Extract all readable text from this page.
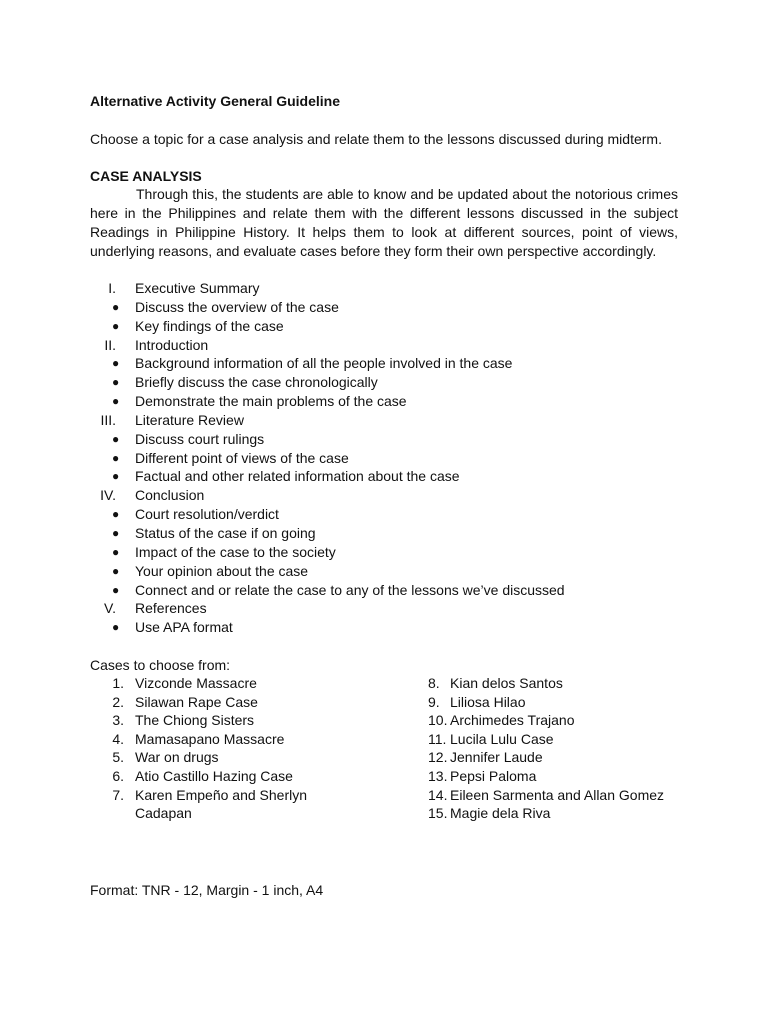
Alternative Activity General Guideline
Choose a topic for a case analysis and relate them to the lessons discussed during midterm.
CASE ANALYSIS
Through this, the students are able to know and be updated about the notorious crimes here in the Philippines and relate them with the different lessons discussed in the subject Readings in Philippine History. It helps them to look at different sources, point of views, underlying reasons, and evaluate cases before they form their own perspective accordingly.
I. Executive Summary
● Discuss the overview of the case
● Key findings of the case
II. Introduction
● Background information of all the people involved in the case
● Briefly discuss the case chronologically
● Demonstrate the main problems of the case
III. Literature Review
● Discuss court rulings
● Different point of views of the case
● Factual and other related information about the case
IV. Conclusion
● Court resolution/verdict
● Status of the case if on going
● Impact of the case to the society
● Your opinion about the case
● Connect and or relate the case to any of the lessons we’ve discussed
V. References
● Use APA format
Cases to choose from:
1. Vizconde Massacre
2. Silawan Rape Case
3. The Chiong Sisters
4. Mamasapano Massacre
5. War on drugs
6. Atio Castillo Hazing Case
7. Karen Empeño and Sherlyn
Cadapan
8. Kian delos Santos
9. Liliosa Hilao
10. Archimedes Trajano
11. Lucila Lulu Case
12. Jennifer Laude
13. Pepsi Paloma
14. Eileen Sarmenta and Allan Gomez
15. Magie dela Riva
Format: TNR - 12, Margin - 1 inch, A4
